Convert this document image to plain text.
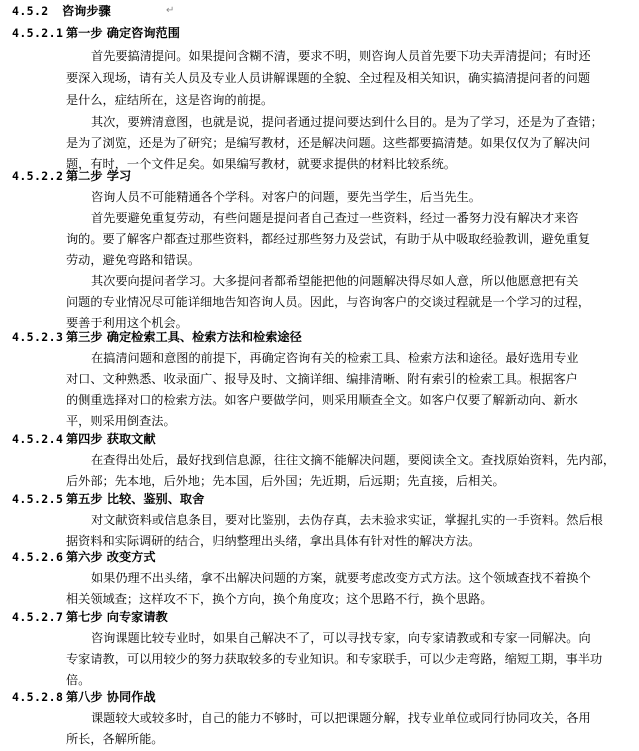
4.5.2 咨询步骤	↵
4.5.2.1 第一步 确定咨询范围
首先要搞清提问。如果提问含糊不清，要求不明，则咨询人员首先要下功夫弄清提问；有时还
要深入现场，请有关人员及专业人员讲解课题的全貌、全过程及相关知识，确实搞清提问者的问题
是什么，症结所在，这是咨询的前提。
其次，要辨清意图，也就是说，提问者通过提问要达到什么目的。是为了学习，还是为了查错；
是为了浏览，还是为了研究；是编写教材，还是解决问题。这些都要搞清楚。如果仅仅为了解决问
题，有时，一个文件足矣。如果编写教材，就要求提供的材料比较系统。
4.5.2.2 第二步 学习
咨询人员不可能精通各个学科。对客户的问题，要先当学生，后当先生。
首先要避免重复劳动，有些问题是提问者自己查过一些资料，经过一番努力没有解决才来咨
询的。要了解客户都查过那些资料，都经过那些努力及尝试，有助于从中吸取经验教训，避免重复
劳动，避免弯路和错误。
其次要向提问者学习。大多提问者都希望能把他的问题解决得尽如人意，所以他愿意把有关
问题的专业情况尽可能详细地告知咨询人员。因此，与咨询客户的交谈过程就是一个学习的过程，
要善于利用这个机会。
4.5.2.3 第三步 确定检索工具、检索方法和检索途径
在搞清问题和意图的前提下，再确定咨询有关的检索工具、检索方法和途径。最好选用专业
对口、文种熟悉、收录面广、报导及时、文摘详细、编排清晰、附有索引的检索工具。根据客户
的侧重选择对口的检索方法。如客户要做学问，则采用顺查全文。如客户仅要了解新动向、新水
平，则采用倒查法。
4.5.2.4 第四步 获取文献
在查得出处后，最好找到信息源，往往文摘不能解决问题，要阅读全文。查找原始资料，先内部，
后外部；先本地，后外地；先本国，后外国；先近期，后远期；先直接，后相关。
4.5.2.5 第五步 比较、鉴别、取舍
对文献资料或信息条目，要对比鉴别，去伪存真，去未验求实证，掌握扎实的一手资料。然后根
据资料和实际调研的结合，归纳整理出头绪，拿出具体有针对性的解决方法。
4.5.2.6 第六步 改变方式
如果仍理不出头绪，拿不出解决问题的方案，就要考虑改变方式方法。这个领域查找不着换个
相关领域查；这样攻不下，换个方向，换个角度攻；这个思路不行，换个思路。
4.5.2.7 第七步 向专家请教
咨询课题比较专业时，如果自己解决不了，可以寻找专家，向专家请教或和专家一同解决。向
专家请教，可以用较少的努力获取较多的专业知识。和专家联手，可以少走弯路，缩短工期，事半功
倍。
4.5.2.8 第八步 协同作战
课题较大或较多时，自己的能力不够时，可以把课题分解，找专业单位或同行协同攻关，各用
所长，各解所能。
